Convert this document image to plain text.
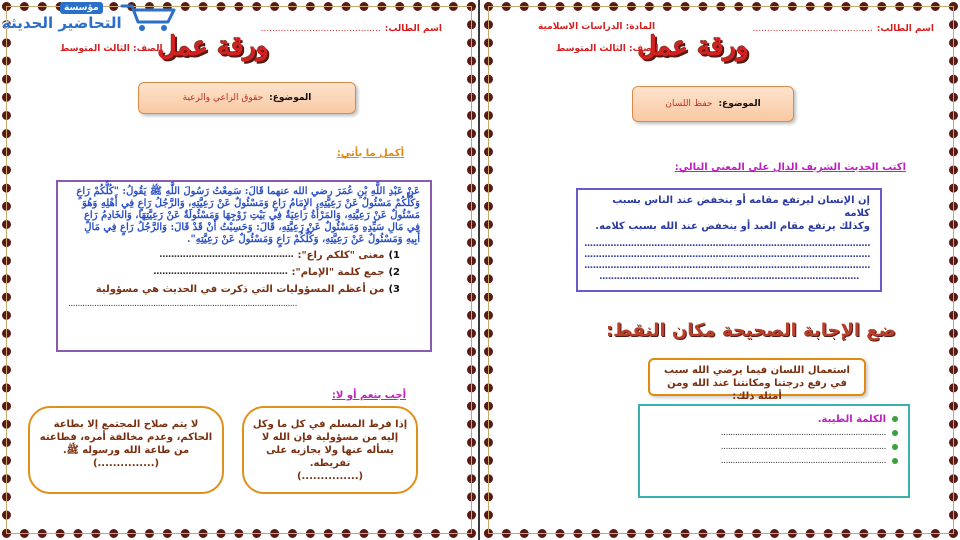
اسم الطالب:
..........................................
ورقة عمل
الصف: الثالث المتوسط
الموضوع:
حقوق الراعي والرعية
أكمل ما يأتي:
عَنْ عَبْدِ اللَّهِ بْنِ عُمَرَ رضي الله عنهما قَالَ: سَمِعْتُ رَسُولَ اللَّهِ ﷺ يَقُولُ: "كُلُّكُمْ رَاعٍ وَكُلُّكُمْ مَسْئُولٌ عَنْ رَعِيَّتِهِ، الإِمَامُ رَاعٍ وَمَسْئُولٌ عَنْ رَعِيَّتِهِ، وَالرَّجُلُ رَاعٍ فِي أَهْلِهِ وَهُوَ مَسْئُولٌ عَنْ رَعِيَّتِهِ، وَالمَرْأَةُ رَاعِيَةٌ فِي بَيْتِ زَوْجِهَا وَمَسْئُولَةٌ عَنْ رَعِيَّتِهَا، وَالخَادِمُ رَاعٍ فِي مَالِ سَيِّدِهِ وَمَسْئُولٌ عَنْ رَعِيَّتِهِ، قَالَ: وَحَسِبْتُ أَنْ قَدْ قَالَ: وَالرَّجُلُ رَاعٍ فِي مَالِ أَبِيهِ وَمَسْئُولٌ عَنْ رَعِيَّتِهِ، وَكُلُّكُمْ رَاعٍ وَمَسْئُولٌ عَنْ رَعِيَّتِهِ".
1)
معنى "كلكم راع":
..............................................
2)
جمع كلمة "الإمام":
..............................................
3)
من أعظم المسؤوليات التي ذكرت في الحديث هي مسؤولية
.................................................................................................
أجب بنعم أو لا:
إذا فرط المسلم في كل ما وكل إليه من مسؤولية فإن الله لا يسأله عنها ولا يجازيه على تفريطه.
(...............)
لا يتم صلاح المجتمع إلا بطاعة الحاكم، وعدم مخالفة أمره، فطاعته من طاعة الله ورسوله ﷺ.
(...............)
اسم الطالب:
..........................................
المادة: الدراسات الاسلامية
ورقة عمل
الصف: الثالث المتوسط
الموضوع:
حفظ اللسان
اكتب الحديث الشريف الدال على المعنى التالي:
إن الإنسان ليرتفع مقامه أو ينخفض عند الناس بسبب كلامه
وكذلك يرتفع مقام العبد أو ينخفض عند الله بسبب كلامه.
..................................................................................................
..................................................................................................
..................................................................................................
.........................................................................................
ضع الإجابة الصحيحة مكان النقط:
استعمال اللسان فيما يرضي الله سبب في رفع درجتنا ومكانتنا عند الله ومن أمثلة ذلك:
الكلمة الطيبة.
......................................................................
......................................................................
......................................................................
مؤسسة
التحاضير الحديثة
